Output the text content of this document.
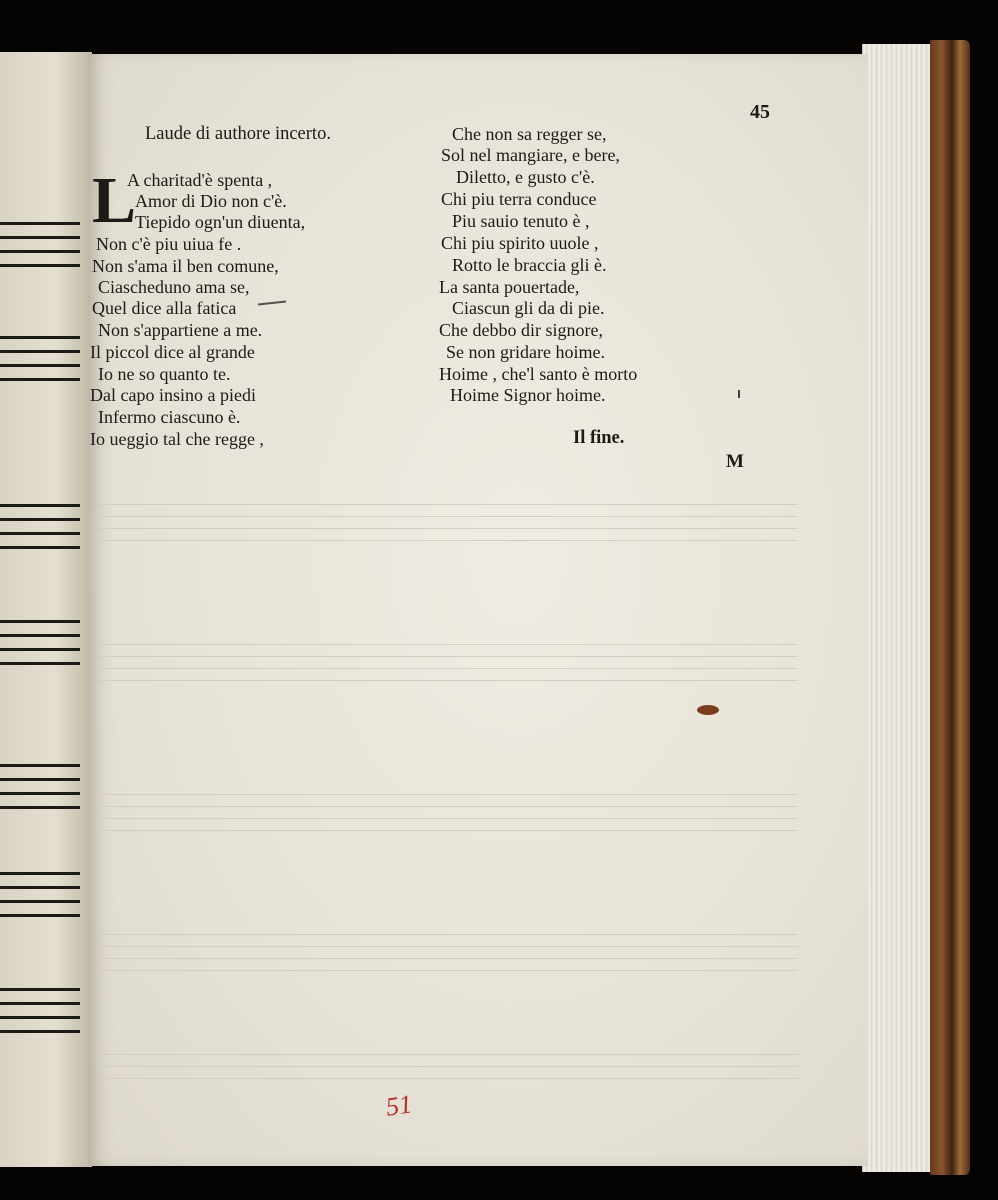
45
Laude di authore incerto.
L
A charitad'è spenta ,
Amor di Dio non c'è.
Tiepido ogn'un diuenta,
Non c'è piu uiua fe .
Non s'ama il ben comune,
Ciascheduno ama se,
Quel dice alla fatica
Non s'appartiene a me.
Il piccol dice al grande
Io ne so quanto te.
Dal capo insino a piedi
Infermo ciascuno è.
Io ueggio tal che regge ,
Che non sa regger se,
Sol nel mangiare, e bere,
Diletto, e gusto c'è.
Chi piu terra conduce
Piu sauio tenuto è ,
Chi piu spirito uuole ,
Rotto le braccia gli è.
La santa pouertade,
Ciascun gli da di pie.
Che debbo dir signore,
Se non gridare hoime.
Hoime , che'l santo è morto
Hoime Signor hoime.
Il fine.
M
51
